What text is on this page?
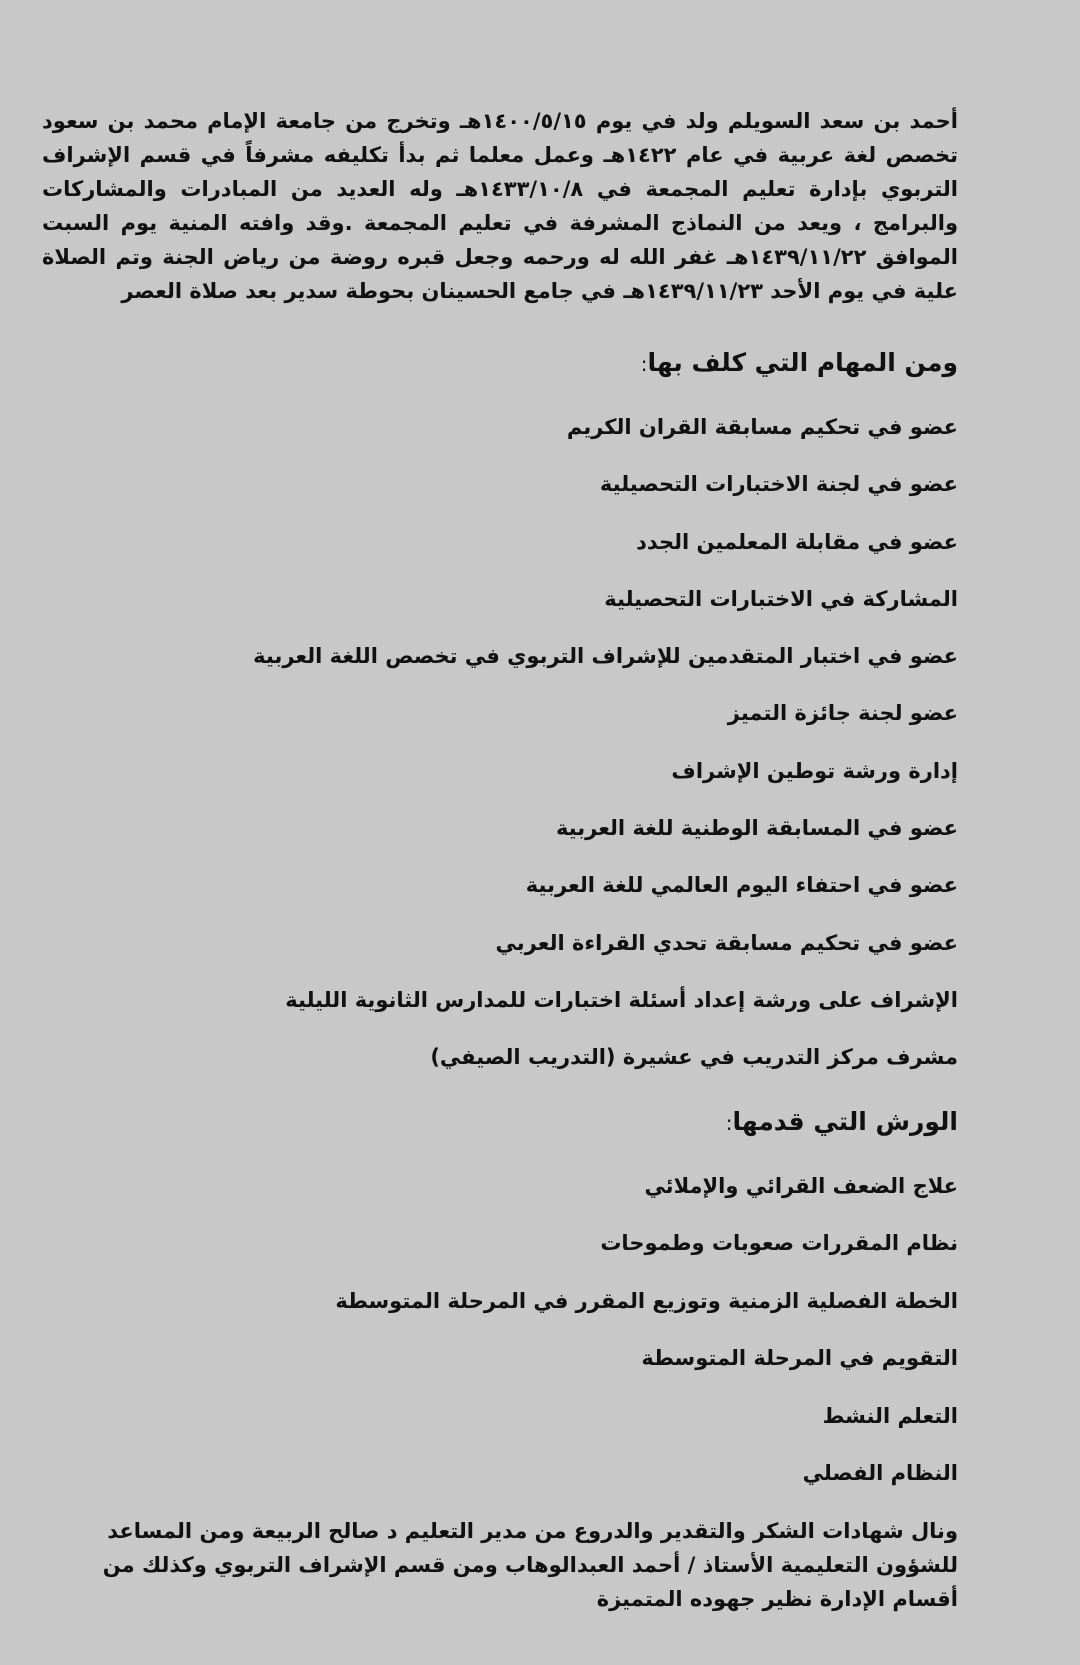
أحمد بن سعد السويلم ولد في يوم ١٤٠٠/٥/١٥هـ وتخرج من جامعة الإمام محمد بن سعود تخصص لغة عربية في عام ١٤٢٢هـ وعمل معلما ثم بدأ تكليفه مشرفاً في قسم الإشراف التربوي بإدارة تعليم المجمعة في ١٤٣٣/١٠/٨هـ وله العديد من المبادرات والمشاركات والبرامج ، ويعد من النماذج المشرفة في تعليم المجمعة .وقد وافته المنية يوم السبت الموافق ١٤٣٩/١١/٢٢هـ غفر الله له ورحمه وجعل قبره روضة من رياض الجنة وتم الصلاة علية في يوم الأحد ١٤٣٩/١١/٢٣هـ في جامع الحسينان بحوطة سدير بعد صلاة العصر

ومن المهام التي كلف بها:
عضو في تحكيم مسابقة القران الكريم
عضو في لجنة الاختبارات التحصيلية
عضو في مقابلة المعلمين الجدد
المشاركة في الاختبارات التحصيلية
عضو في اختبار المتقدمين للإشراف التربوي في تخصص اللغة العربية
عضو لجنة جائزة التميز
إدارة ورشة توطين الإشراف
عضو في المسابقة الوطنية للغة العربية
عضو في احتفاء اليوم العالمي للغة العربية
عضو في تحكيم مسابقة تحدي القراءة العربي
الإشراف على ورشة إعداد أسئلة اختبارات للمدارس الثانوية الليلية
مشرف مركز التدريب في عشيرة (التدريب الصيفي)
الورش التي قدمها:
علاج الضعف القرائي والإملائي
نظام المقررات صعوبات وطموحات
الخطة الفصلية الزمنية وتوزيع المقرر في المرحلة المتوسطة
التقويم في المرحلة المتوسطة
التعلم النشط
النظام الفصلي

ونال شهادات الشكر والتقدير والدروع من مدير التعليم د صالح الربيعة ومن المساعد للشؤون التعليمية الأستاذ / أحمد العبدالوهاب ومن قسم الإشراف التربوي وكذلك من أقسام الإدارة نظير جهوده المتميزة
